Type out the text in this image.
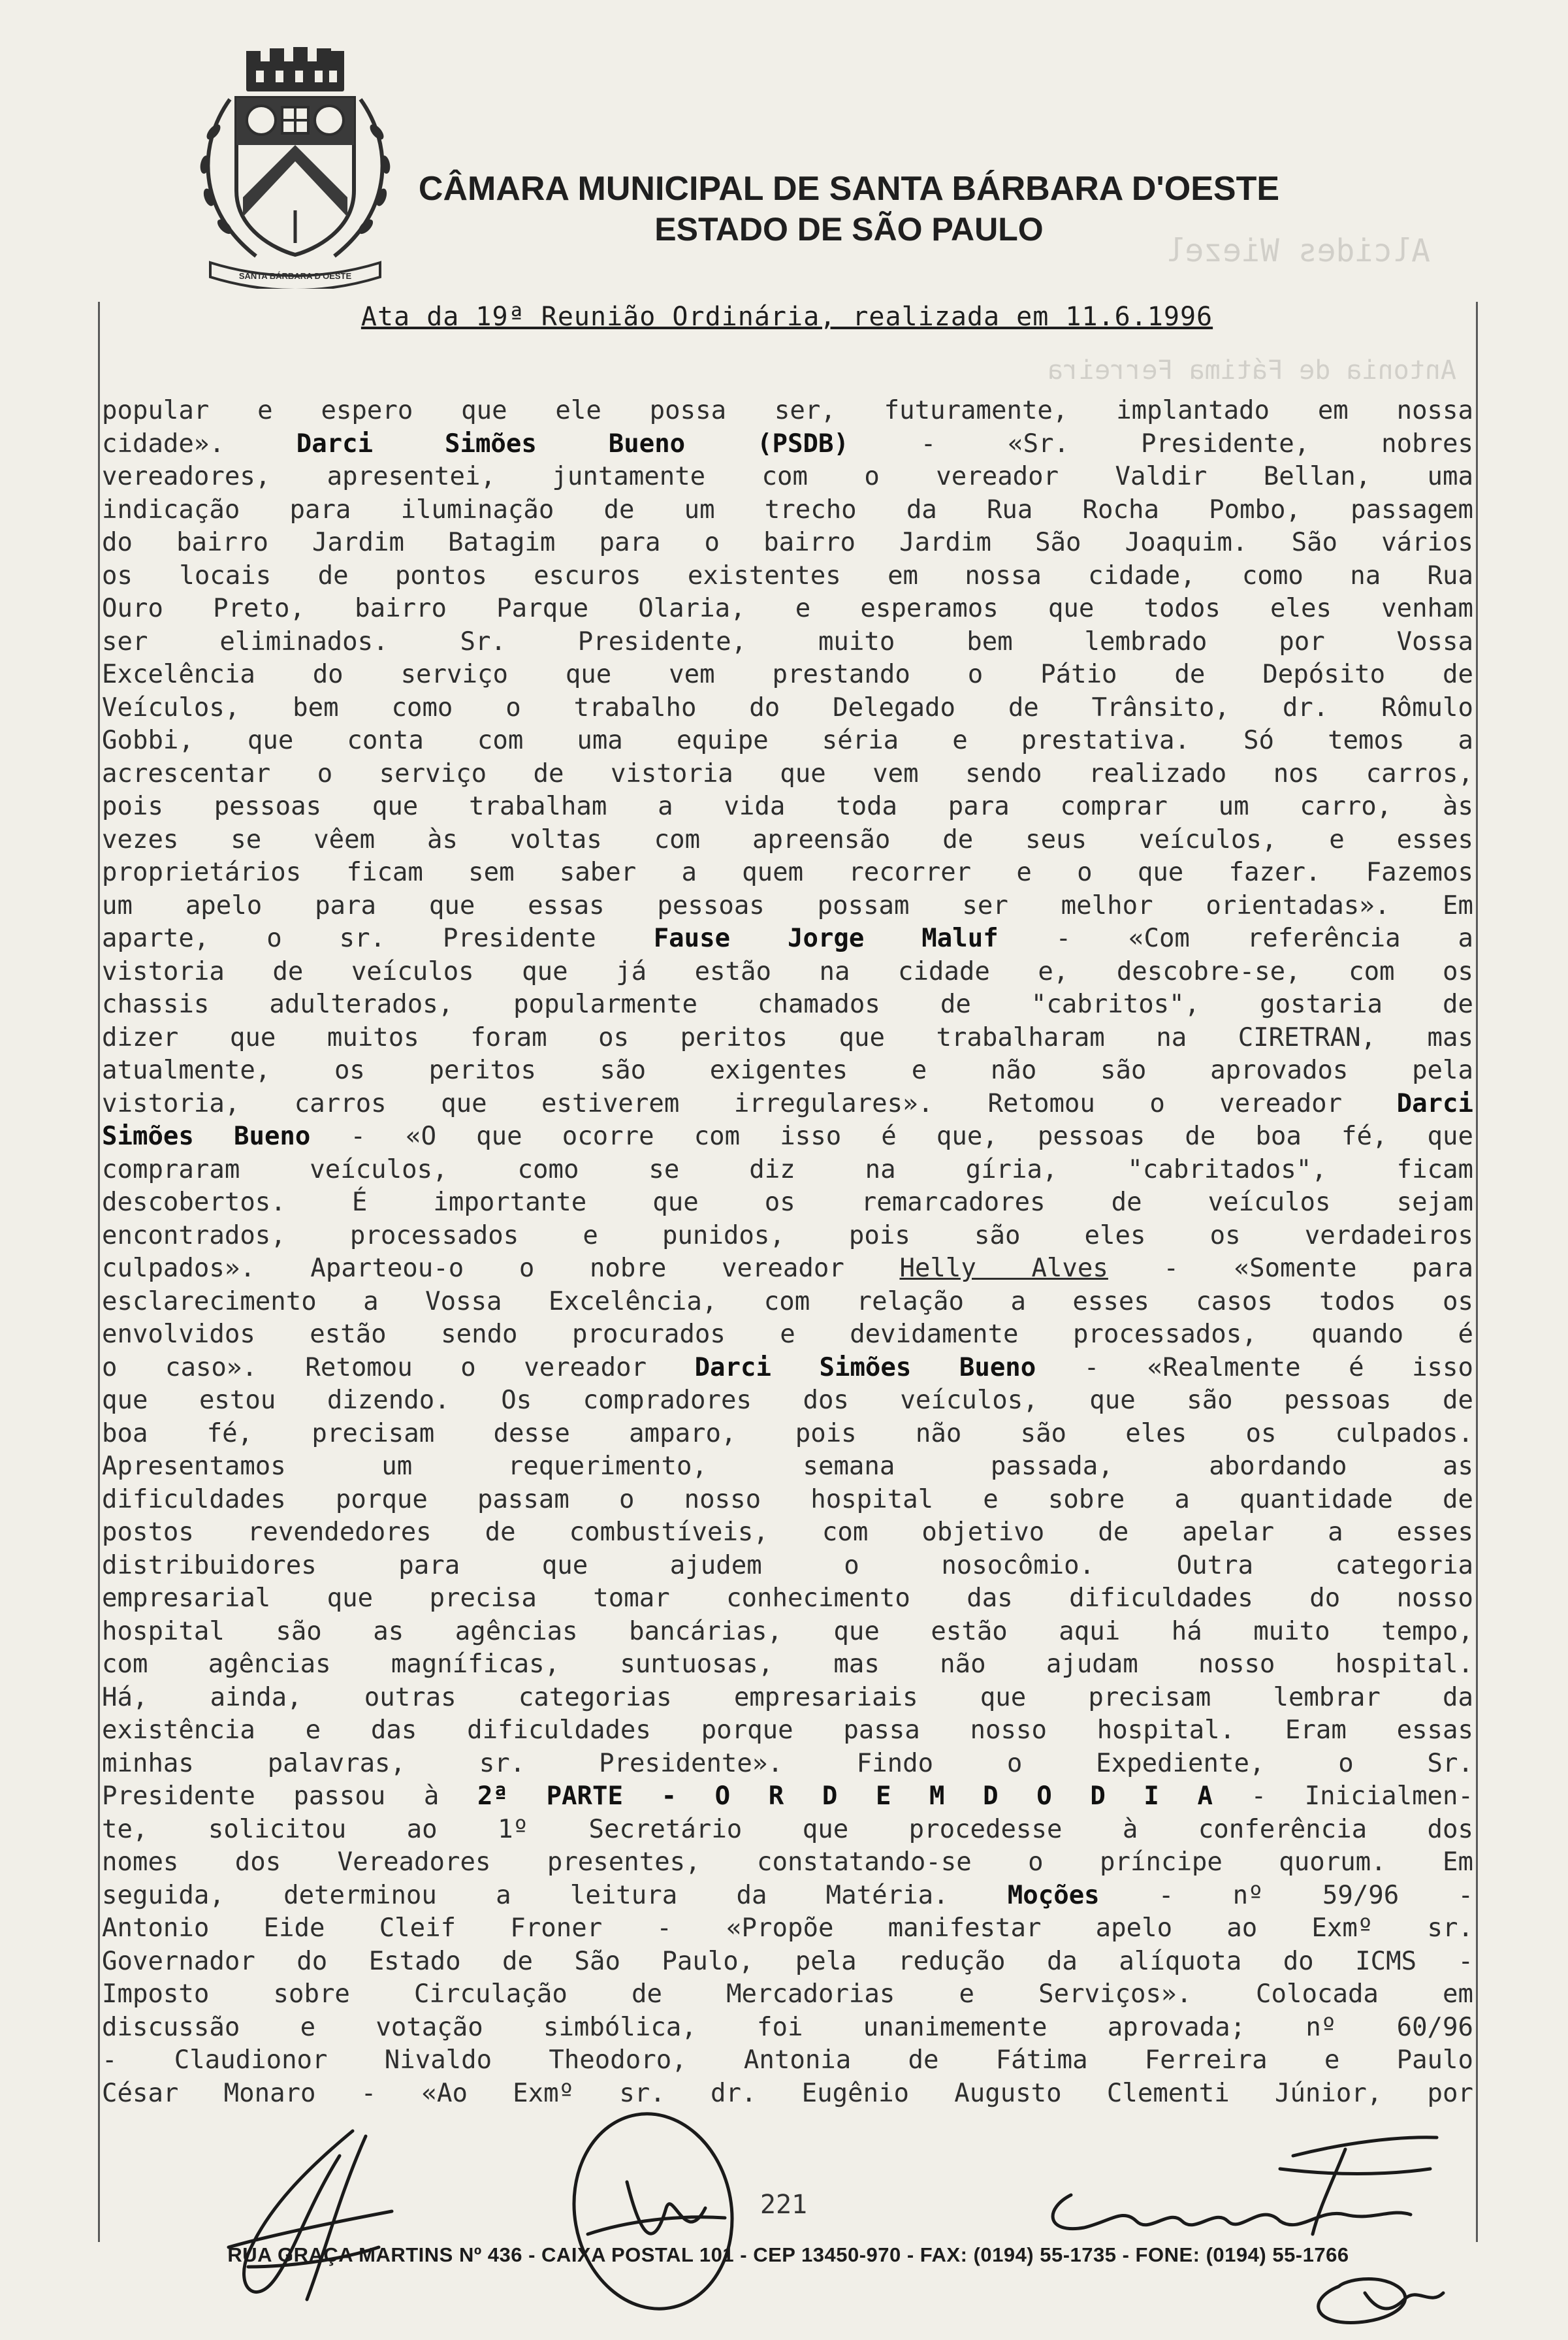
Alcides Wiezel
Antonia de Fátima Ferreira
SANTA BÁRBARA D'OESTE
CÂMARA MUNICIPAL DE SANTA BÁRBARA D'OESTE
ESTADO DE SÃO PAULO
Ata da 19ª Reunião Ordinária, realizada em 11.6.1996
popular e espero que ele possa ser, futuramente, implantado em nossa
cidade». Darci Simões Bueno (PSDB) - «Sr. Presidente, nobres
vereadores, apresentei, juntamente com o vereador Valdir Bellan, uma
indicação para iluminação de um trecho da Rua Rocha Pombo, passagem
do bairro Jardim Batagim para o bairro Jardim São Joaquim. São vários
os locais de pontos escuros existentes em nossa cidade, como na Rua
Ouro Preto, bairro Parque Olaria, e esperamos que todos eles venham
ser eliminados. Sr. Presidente, muito bem lembrado por Vossa
Excelência do serviço que vem prestando o Pátio de Depósito de
Veículos, bem como o trabalho do Delegado de Trânsito, dr. Rômulo
Gobbi, que conta com uma equipe séria e prestativa. Só temos a
acrescentar o serviço de vistoria que vem sendo realizado nos carros,
pois pessoas que trabalham a vida toda para comprar um carro, às
vezes se vêem às voltas com apreensão de seus veículos, e esses
proprietários ficam sem saber a quem recorrer e o que fazer. Fazemos
um apelo para que essas pessoas possam ser melhor orientadas». Em
aparte, o sr. Presidente Fause Jorge Maluf - «Com referência a
vistoria de veículos que já estão na cidade e, descobre-se, com os
chassis adulterados, popularmente chamados de "cabritos", gostaria de
dizer que muitos foram os peritos que trabalharam na CIRETRAN, mas
atualmente, os peritos são exigentes e não são aprovados pela
vistoria, carros que estiverem irregulares». Retomou o vereador Darci
Simões Bueno - «O que ocorre com isso é que, pessoas de boa fé, que
compraram veículos, como se diz na gíria, "cabritados", ficam
descobertos. É importante que os remarcadores de veículos sejam
encontrados, processados e punidos, pois são eles os verdadeiros
culpados». Aparteou-o o nobre vereador Helly Alves - «Somente para
esclarecimento a Vossa Excelência, com relação a esses casos todos os
envolvidos estão sendo procurados e devidamente processados, quando é
o caso». Retomou o vereador Darci Simões Bueno - «Realmente é isso
que estou dizendo. Os compradores dos veículos, que são pessoas de
boa fé, precisam desse amparo, pois não são eles os culpados.
Apresentamos um requerimento, semana passada, abordando as
dificuldades porque passam o nosso hospital e sobre a quantidade de
postos revendedores de combustíveis, com objetivo de apelar a esses
distribuidores para que ajudem o nosocômio. Outra categoria
empresarial que precisa tomar conhecimento das dificuldades do nosso
hospital são as agências bancárias, que estão aqui há muito tempo,
com agências magníficas, suntuosas, mas não ajudam nosso hospital.
Há, ainda, outras categorias empresariais que precisam lembrar da
existência e das dificuldades porque passa nosso hospital. Eram essas
minhas palavras, sr. Presidente». Findo o Expediente, o Sr.
Presidente passou à 2ª PARTE - O R D E M D O D I A - Inicialmen-
te, solicitou ao 1º Secretário que procedesse à conferência dos
nomes dos Vereadores presentes, constatando-se o príncipe quorum. Em
seguida, determinou a leitura da Matéria. Moções - nº 59/96 -
Antonio Eide Cleif Froner - «Propõe manifestar apelo ao Exmº sr.
Governador do Estado de São Paulo, pela redução da alíquota do ICMS -
Imposto sobre Circulação de Mercadorias e Serviços». Colocada em
discussão e votação simbólica, foi unanimemente aprovada; nº 60/96
- Claudionor Nivaldo Theodoro, Antonia de Fátima Ferreira e Paulo
César Monaro - «Ao Exmº sr. dr. Eugênio Augusto Clementi Júnior, por
221
RUA GRAÇA MARTINS Nº 436 - CAIXA POSTAL 101 - CEP 13450-970 - FAX: (0194) 55-1735 - FONE: (0194) 55-1766
